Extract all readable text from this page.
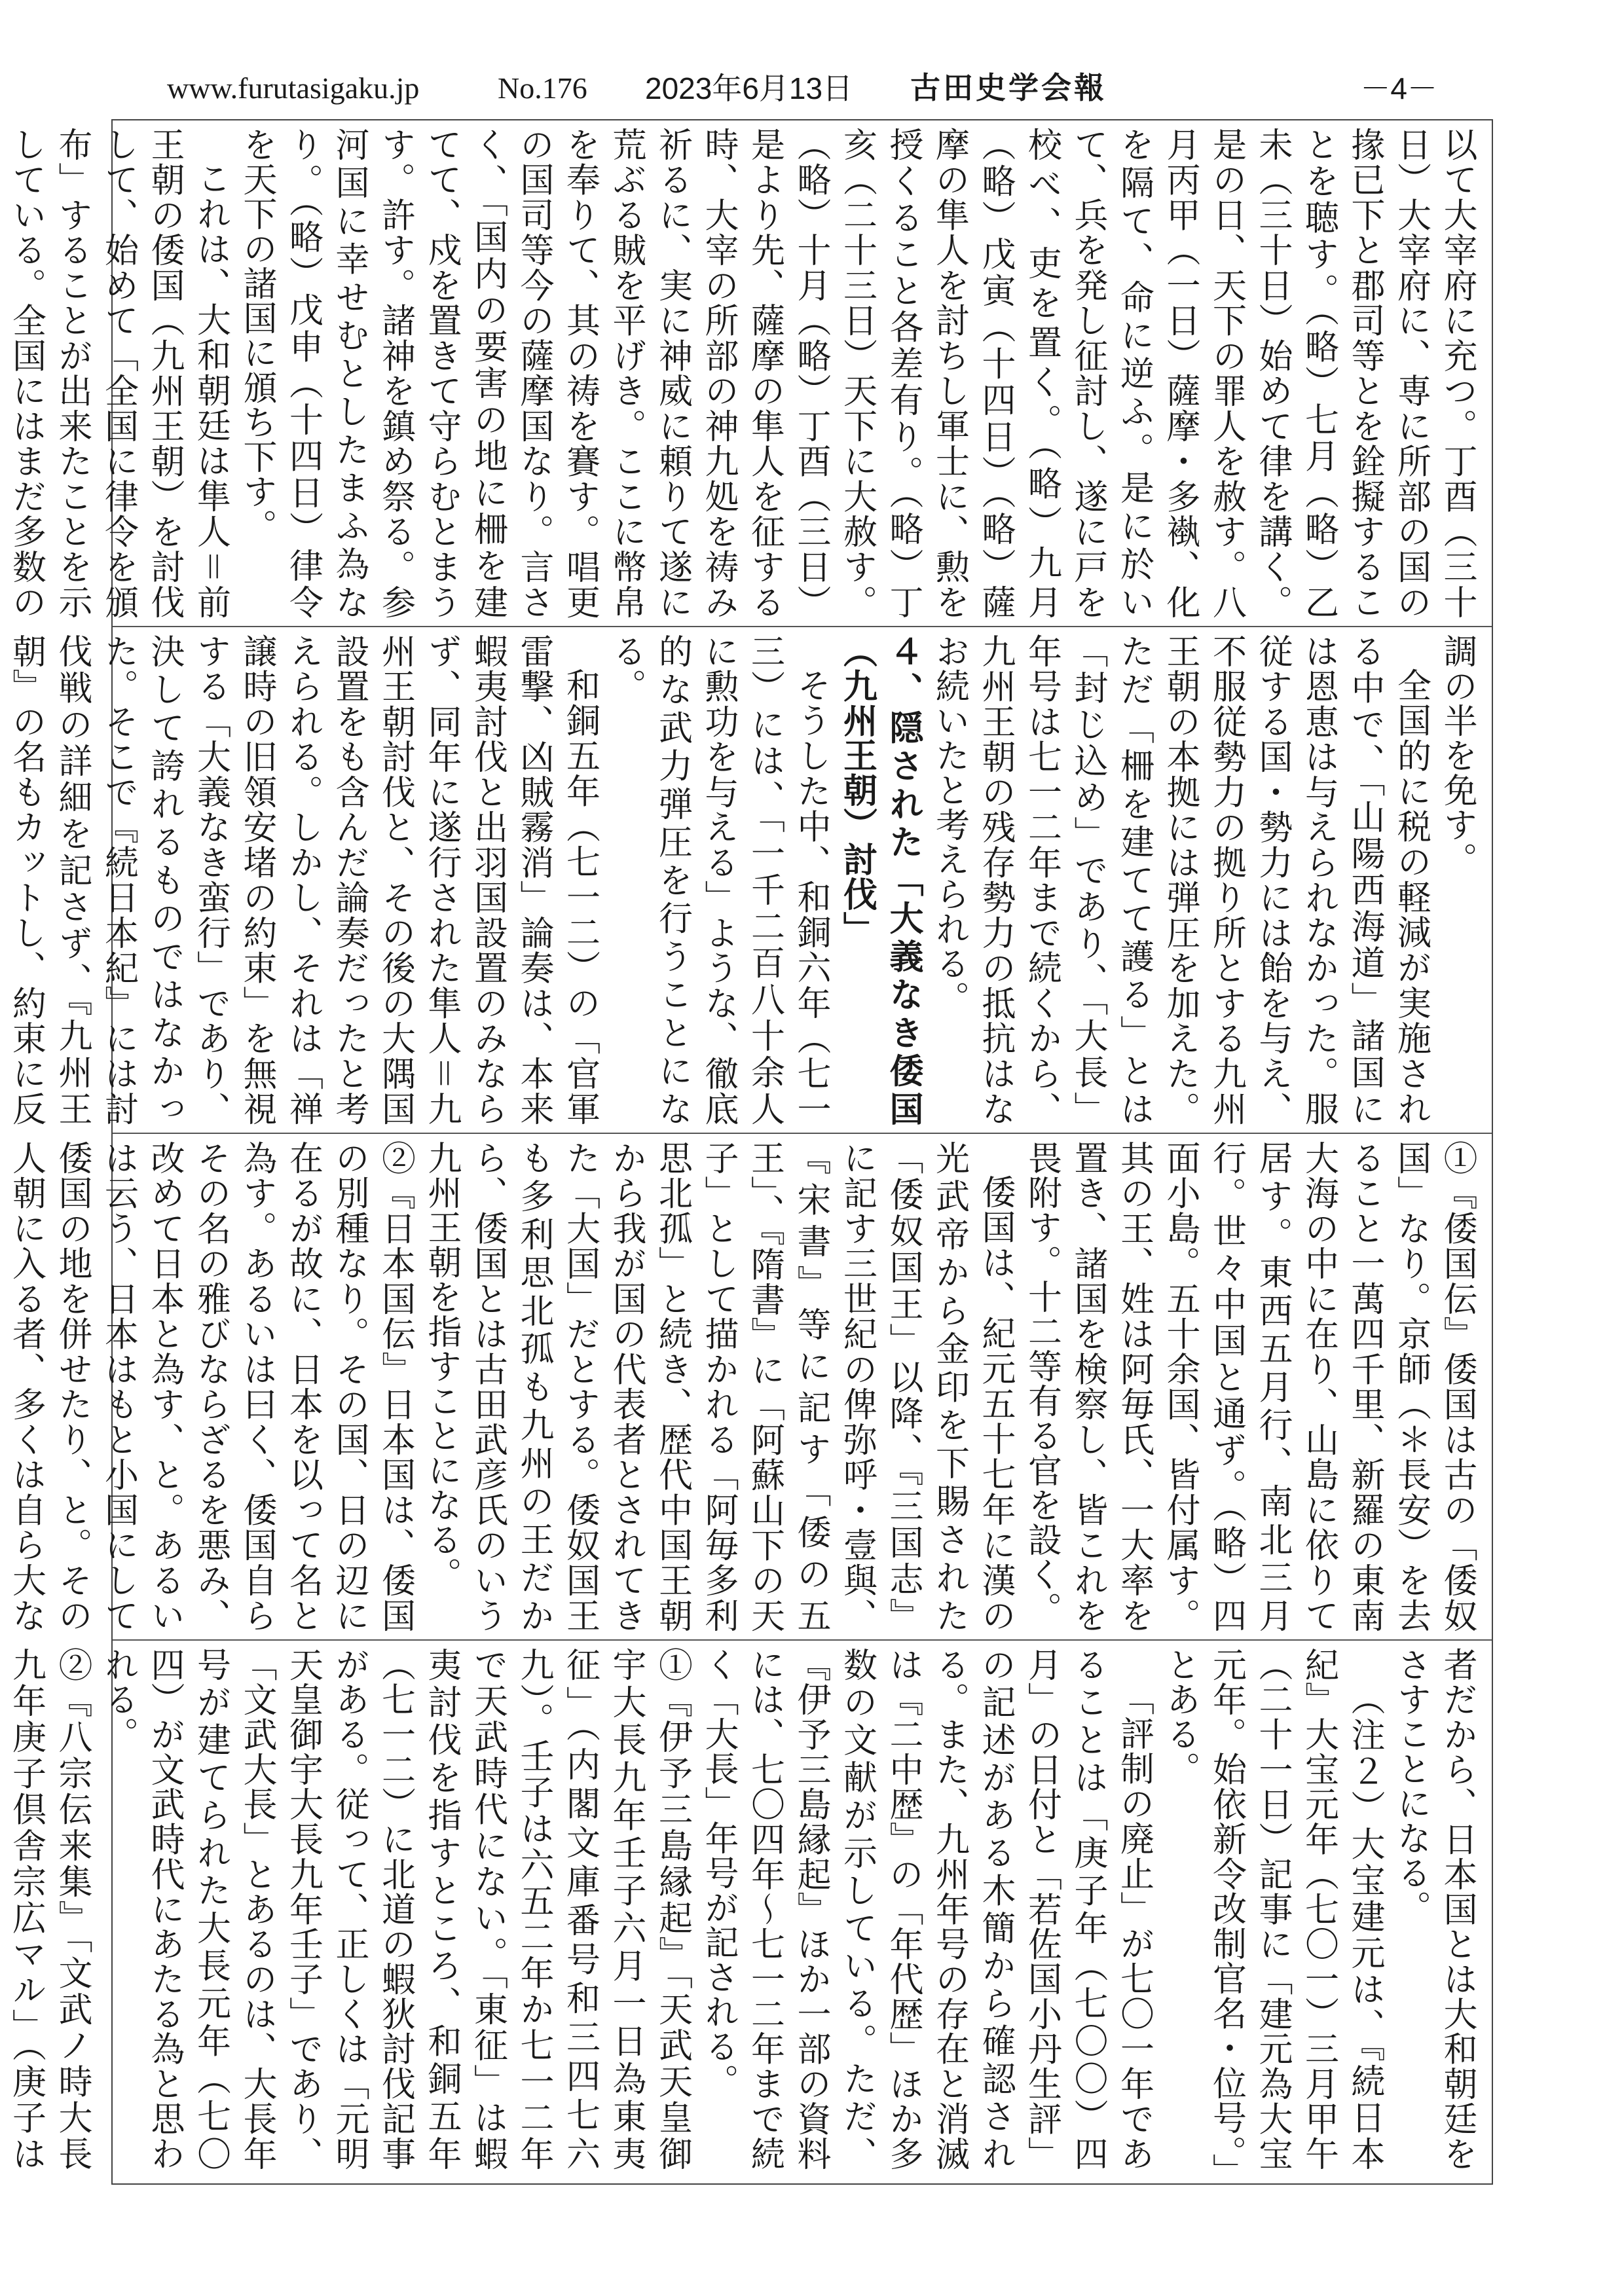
www.furutasigaku.jp	No.176 2023年6月13日 古田史学会報	－4－

以て大宰府に充つ。丁酉（三十日）大宰府に、専に所部の国の掾已下と郡司等とを銓擬することを聴す。（略）七月（略）乙未（三十日）始めて律を講く。是の日、天下の罪人を赦す。八月丙甲（一日）薩摩・多褹、化を隔て、命に逆ふ。是に於いて、兵を発し征討し、遂に戸を校べ、吏を置く。（略）九月（略）戊寅（十四日）（略）薩摩の隼人を討ちし軍士に、勲を授くること各差有り。（略）丁亥（二十三日）天下に大赦す。（略）十月（略）丁酉（三日）是より先、薩摩の隼人を征する時、大宰の所部の神九処を祷み祈るに、実に神威に頼りて遂に荒ぶる賊を平げき。ここに幣帛を奉りて、其の祷を賽す。唱更の国司等今の薩摩国なり。言さく、「国内の要害の地に柵を建てて、戍を置きて守らむとまうす。許す。諸神を鎮め祭る。参河国に幸せむとしたまふ為なり。（略）戊申（十四日）律令を天下の諸国に頒ち下す。

これは、大和朝廷は隼人＝前王朝の倭国（九州王朝）を討伐して、始めて「全国に律令を頒布」することが出来たことを示している。全国にはまだ多数の

調の半を免す。

全国的に税の軽減が実施される中で、「山陽西海道」諸国には恩恵は与えられなかった。服従する国・勢力には飴を与え、不服従勢力の拠り所とする九州王朝の本拠には弾圧を加えた。ただ「柵を建てて護る」とは「封じ込め」であり、「大長」年号は七一二年まで続くから、九州王朝の残存勢力の抵抗はなお続いたと考えられる。

４、隠された「大義なき倭国（九州王朝）討伐」

そうした中、和銅六年（七一三）には、「一千二百八十余人に勲功を与える」ような、徹底的な武力弾圧を行うことになる。

和銅五年（七一二）の「官軍雷撃、凶賊霧消」論奏は、本来蝦夷討伐と出羽国設置のみならず、同年に遂行された隼人＝九州王朝討伐と、その後の大隅国設置をも含んだ論奏だったと考えられる。しかし、それは「禅譲時の旧領安堵の約束」を無視する「大義なき蛮行」であり、決して誇れるものではなかった。そこで『続日本紀』には討伐戦の詳細を記さず、『九州王朝』の名もカットし、約束に反

①『倭国伝』倭国は古の「倭奴国」なり。京師（＊長安）を去ること一萬四千里、新羅の東南大海の中に在り、山島に依りて居す。東西五月行、南北三月行。世々中国と通ず。（略）四面小島。五十余国、皆付属す。其の王、姓は阿毎氏、一大率を置き、諸国を検察し、皆これを畏附す。十二等有る官を設く。

倭国は、紀元五十七年に漢の光武帝から金印を下賜された「倭奴国王」以降、『三国志』に記す三世紀の俾弥呼・壹與、『宋書』等に記す「倭の五王」、『隋書』に「阿蘇山下の天子」として描かれる「阿毎多利思北孤」と続き、歴代中国王朝から我が国の代表者とされてきた「大国」だとする。倭奴国王も多利思北孤も九州の王だから、倭国とは古田武彦氏のいう九州王朝を指すことになる。

②『日本国伝』日本国は、倭国の別種なり。その国、日の辺に在るが故に、日本を以って名と為す。あるいは曰く、倭国自らその名の雅びならざるを悪み、改めて日本と為す、と。あるいは云う、日本はもと小国にして倭国の地を併せたり、と。その人朝に入る者、多くは自ら大な

者だから、日本国とは大和朝廷をさすことになる。

（注２）大宝建元は、『続日本紀』大宝元年（七〇一）三月甲午（二十一日）記事に「建元為大宝元年。始依新令改制官名・位号。」とある。

「評制の廃止」が七〇一年であることは「庚子年（七〇〇）四月」の日付と「若佐国小丹生評」の記述がある木簡から確認される。また、九州年号の存在と消滅は『二中歴』の「年代歴」ほか多数の文献が示している。ただ、『伊予三島縁起』ほか一部の資料には、七〇四年～七一二年まで続く「大長」年号が記される。

①『伊予三島縁起』「天武天皇御宇大長九年壬子六月一日為東夷征」（内閣文庫番号和三四七六九）。壬子は六五二年か七一二年で天武時代にない。「東征」は蝦夷討伐を指すところ、和銅五年（七一二）に北道の蝦狄討伐記事がある。従って、正しくは「元明天皇御宇大長九年壬子」であり、「文武大長」とあるのは、大長年号が建てられた大長元年（七〇四）が文武時代にあたる為と思われる。

②『八宗伝来集』「文武ノ時大長九年庚子倶舎宗広マル」（庚子は
